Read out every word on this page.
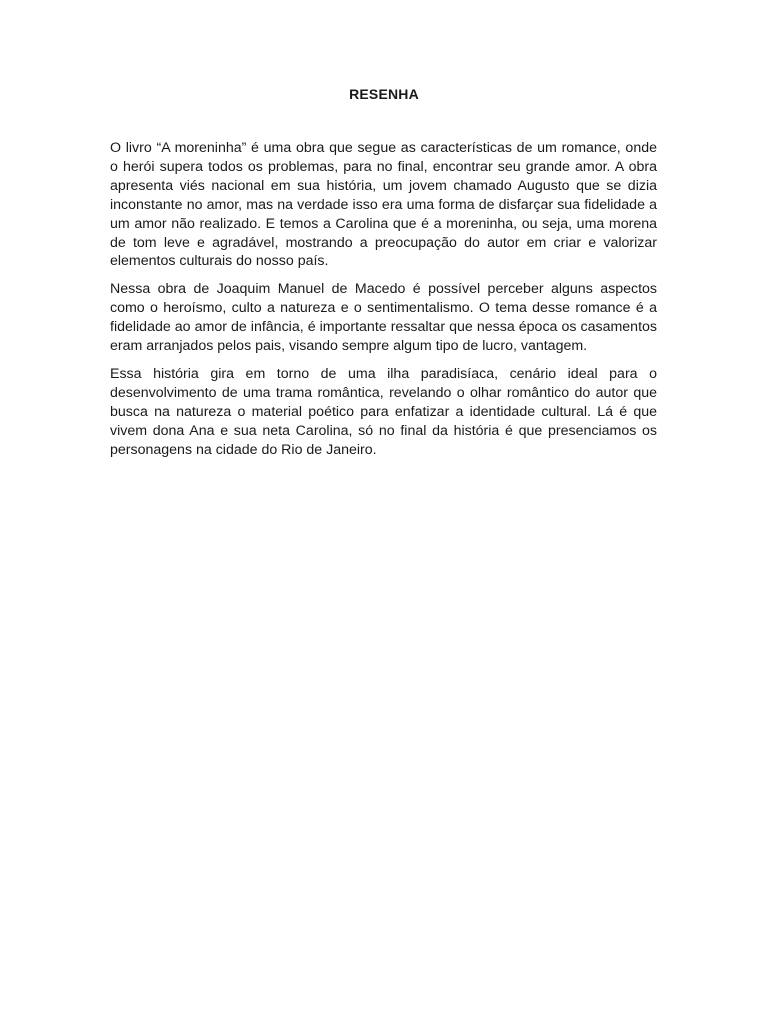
RESENHA

O livro “A moreninha” é uma obra que segue as características de um romance, onde o herói supera todos os problemas, para no final, encontrar seu grande amor. A obra apresenta viés nacional em sua história, um jovem chamado Augusto que se dizia inconstante no amor, mas na verdade isso era uma forma de disfarçar sua fidelidade a um amor não realizado. E temos a Carolina que é a moreninha, ou seja, uma morena de tom leve e agradável, mostrando a preocupação do autor em criar e valorizar elementos culturais do nosso país.

Nessa obra de Joaquim Manuel de Macedo é possível perceber alguns aspectos como o heroísmo, culto a natureza e o sentimentalismo. O tema desse romance é a fidelidade ao amor de infância, é importante ressaltar que nessa época os casamentos eram arranjados pelos pais, visando sempre algum tipo de lucro, vantagem.

Essa história gira em torno de uma ilha paradisíaca, cenário ideal para o desenvolvimento de uma trama romântica, revelando o olhar romântico do autor que busca na natureza o material poético para enfatizar a identidade cultural. Lá é que vivem dona Ana e sua neta Carolina, só no final da história é que presenciamos os personagens na cidade do Rio de Janeiro.
